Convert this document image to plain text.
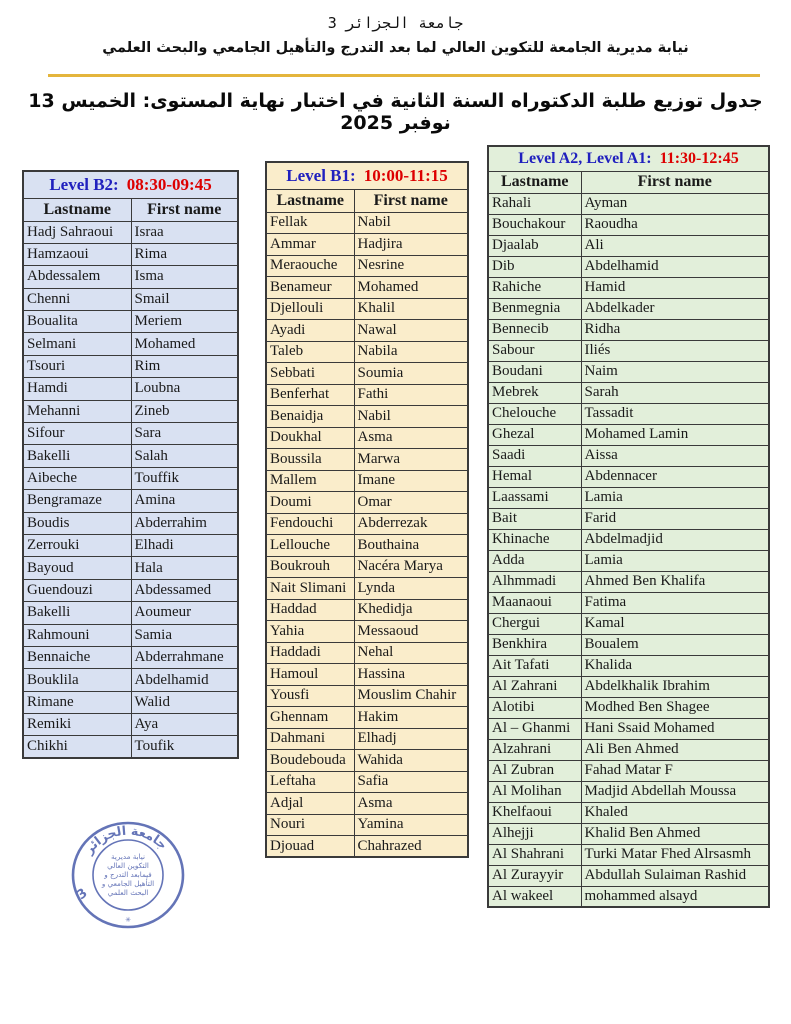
جامعة الجزائر 3
نيابة مديرية الجامعة للتكوين العالي لما بعد التدرج والتأهيل الجامعي والبحث العلمي
جدول توزيع طلبة الدكتوراه السنة الثانية في اختبار نهاية المستوى: الخميس 13 نوفبر 2025
Level B2: 08:30-09:45	
Lastname	First name
Hadj Sahraoui	Israa
Hamzaoui	Rima
Abdessalem	Isma
Chenni	Smail
Boualita	Meriem
Selmani	Mohamed
Tsouri	Rim
Hamdi	Loubna
Mehanni	Zineb
Sifour	Sara
Bakelli	Salah
Aibeche	Touffik
Bengramaze	Amina
Boudis	Abderrahim
Zerrouki	Elhadi
Bayoud	Hala
Guendouzi	Abdessamed
Bakelli	Aoumeur
Rahmouni	Samia
Bennaiche	Abderrahmane
Bouklila	Abdelhamid
Rimane	Walid
Remiki	Aya
Chikhi	Toufik
Level B1: 10:00-11:15	
Lastname	First name
Fellak	Nabil
Ammar	Hadjira
Meraouche	Nesrine
Benameur	Mohamed
Djellouli	Khalil
Ayadi	Nawal
Taleb	Nabila
Sebbati	Soumia
Benferhat	Fathi
Benaidja	Nabil
Doukhal	Asma
Boussila	Marwa
Mallem	Imane
Doumi	Omar
Fendouchi	Abderrezak
Lellouche	Bouthaina
Boukrouh	Nacéra Marya
Nait Slimani	Lynda
Haddad	Khedidja
Yahia	Messaoud
Haddadi	Nehal
Hamoul	Hassina
Yousfi	Mouslim Chahir
Ghennam	Hakim
Dahmani	Elhadj
Boudebouda	Wahida
Leftaha	Safia
Adjal	Asma
Nouri	Yamina
Djouad	Chahrazed
Level A2, Level A1: 11:30-12:45	
Lastname	First name
Rahali	Ayman
Bouchakour	Raoudha
Djaalab	Ali
Dib	Abdelhamid
Rahiche	Hamid
Benmegnia	Abdelkader
Bennecib	Ridha
Sabour	Iliés
Boudani	Naim
Mebrek	Sarah
Chelouche	Tassadit
Ghezal	Mohamed Lamin
Saadi	Aissa
Hemal	Abdennacer
Laassami	Lamia
Bait	Farid
Khinache	Abdelmadjid
Adda	Lamia
Alhmmadi	Ahmed Ben Khalifa
Maanaoui	Fatima
Chergui	Kamal
Benkhira	Boualem
Ait Tafati	Khalida
Al Zahrani	Abdelkhalik Ibrahim
Alotibi	Modhed Ben Shagee
Al – Ghanmi	Hani Ssaid Mohamed
Alzahrani	Ali Ben Ahmed
Al Zubran	Fahad Matar F
Al Molihan	Madjid Abdellah Moussa
Khelfaoui	Khaled
Alhejji	Khalid Ben Ahmed
Al Shahrani	Turki Matar Fhed Alrsasmh
Al Zurayyir	Abdullah Sulaiman Rashid
Al wakeel	mohammed alsayd
جامعة الجزائر
3
✳
نيابة مديرية
التكوين العالي
فيمابعد التدرج و
التأهيل الجامعي و
البحث العلمي
